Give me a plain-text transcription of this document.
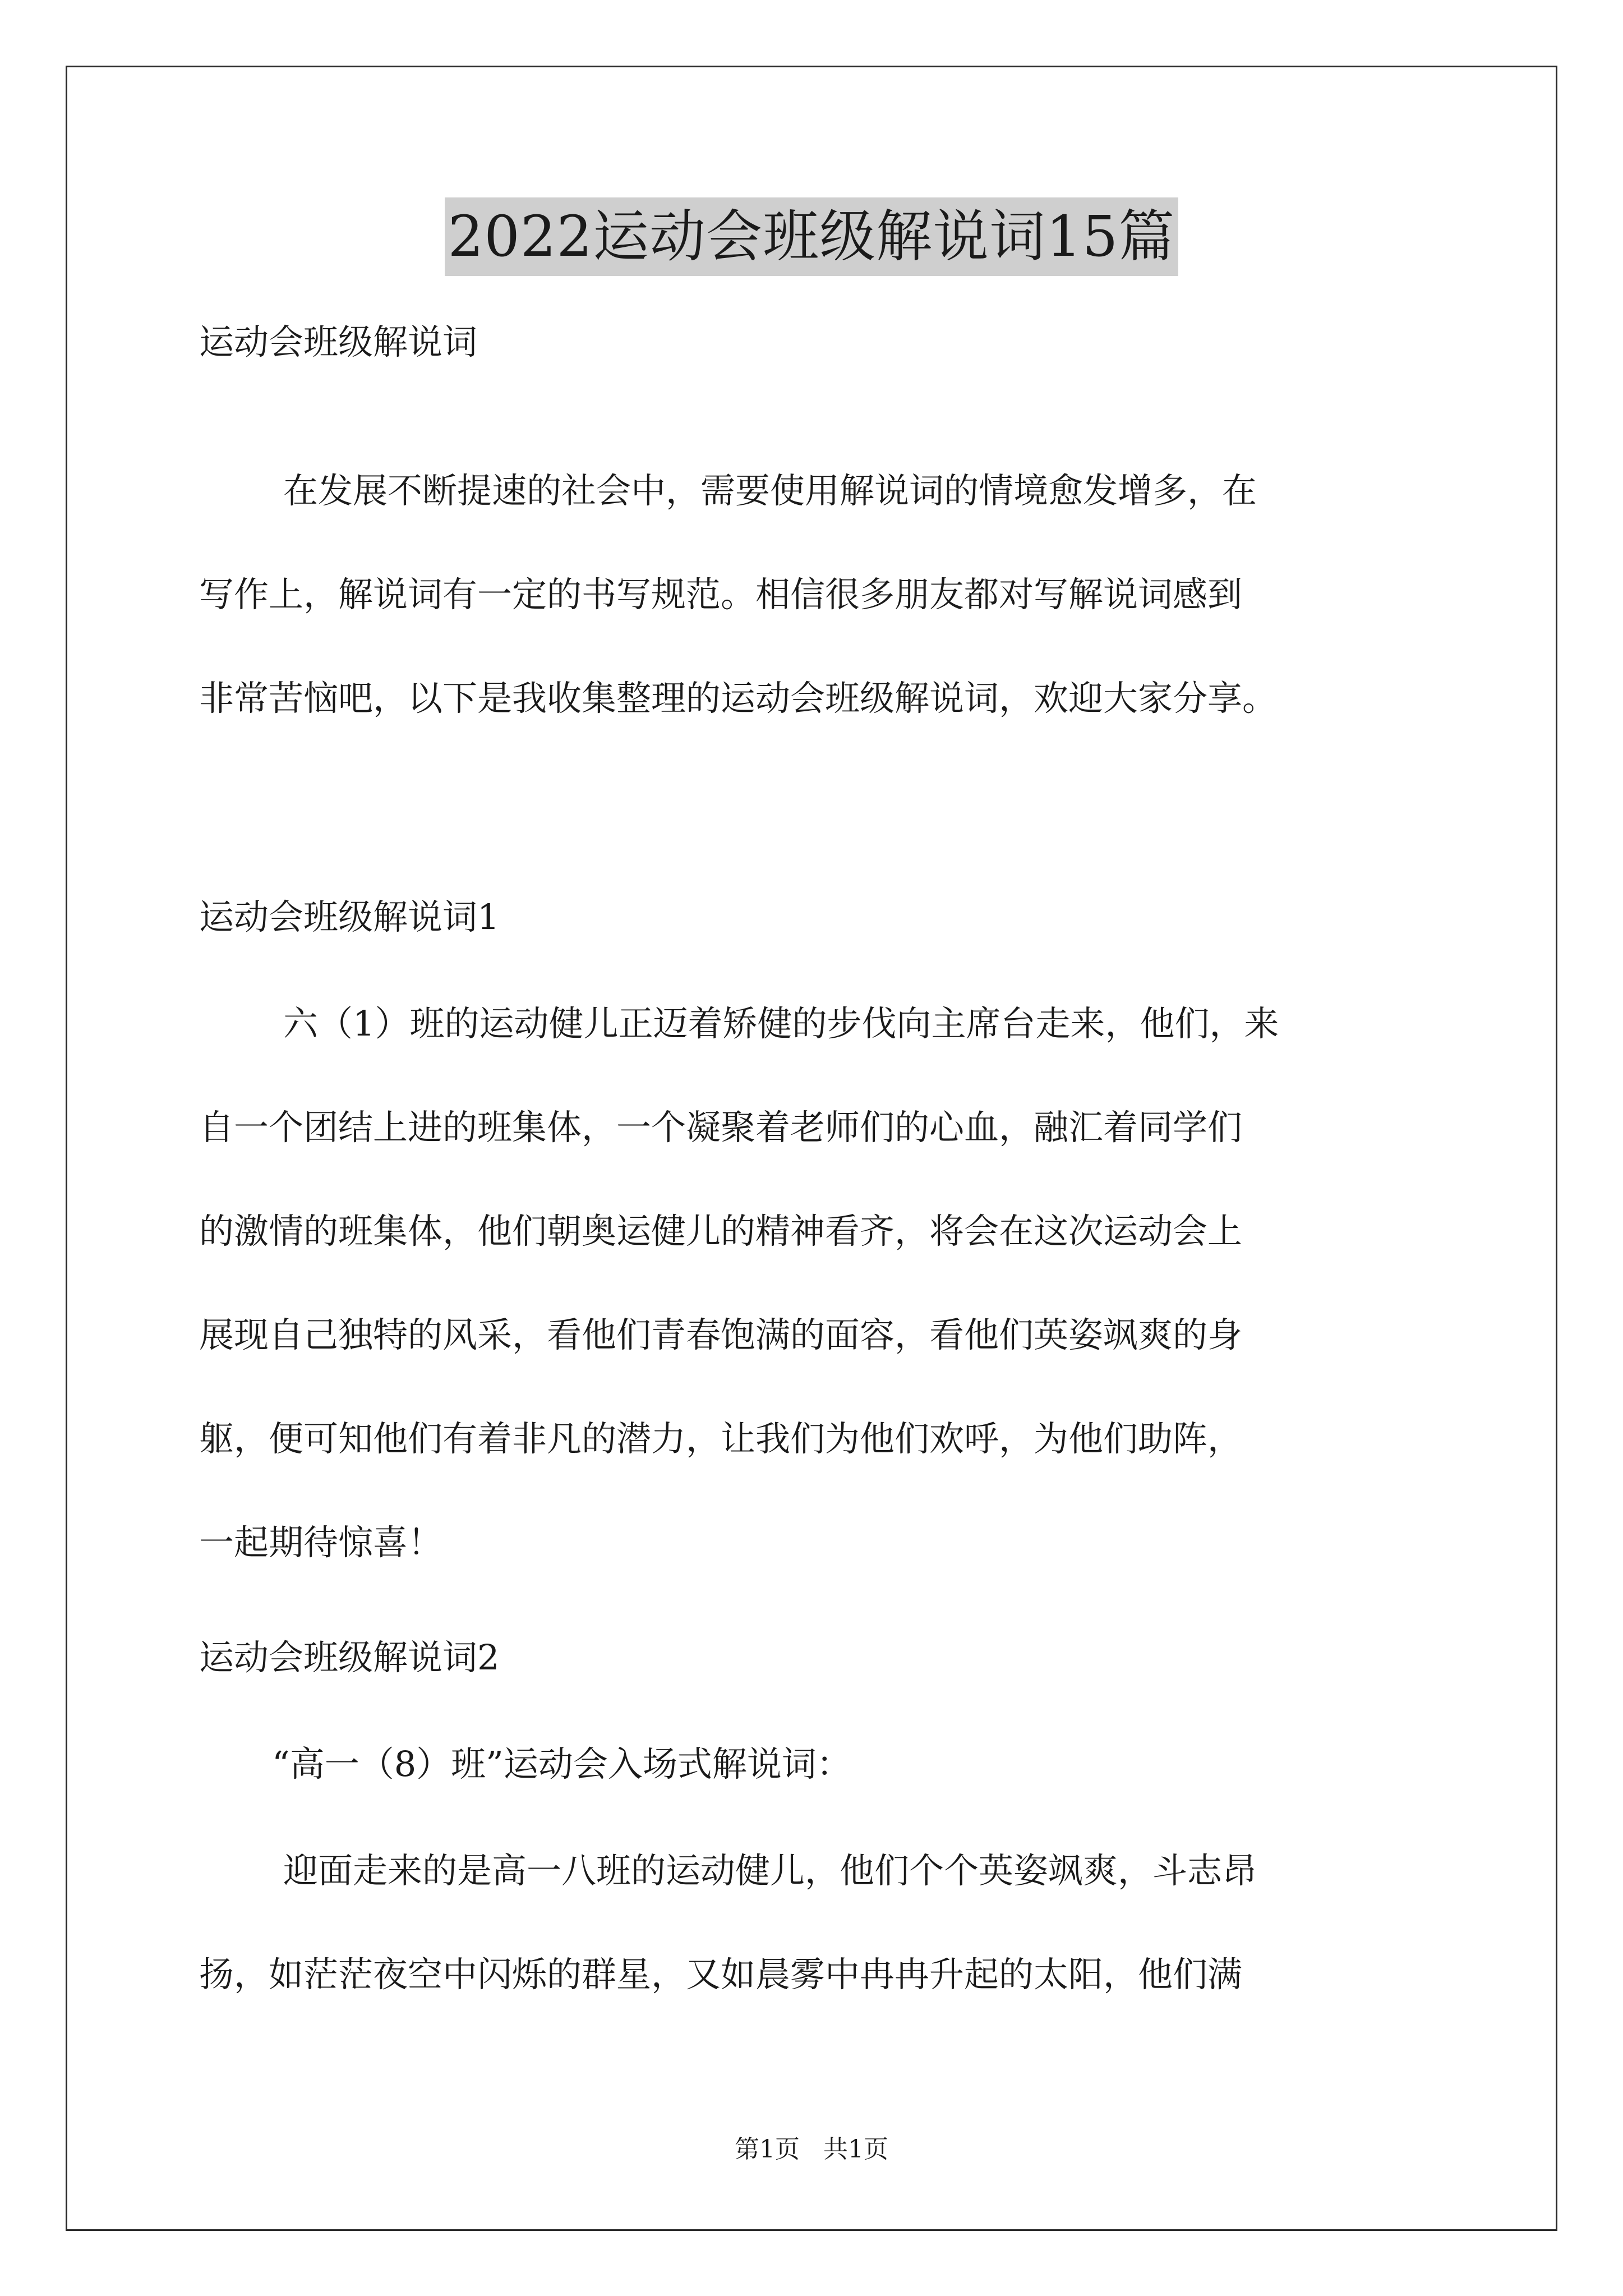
2022运动会班级解说词15篇
运动会班级解说词
在发展不断提速的社会中，需要使用解说词的情境愈发增多，在
写作上，解说词有一定的书写规范。相信很多朋友都对写解说词感到
非常苦恼吧，以下是我收集整理的运动会班级解说词，欢迎大家分享。
运动会班级解说词1
六（1）班的运动健儿正迈着矫健的步伐向主席台走来，他们，来
自一个团结上进的班集体，一个凝聚着老师们的心血，融汇着同学们
的激情的班集体，他们朝奥运健儿的精神看齐，将会在这次运动会上
展现自己独特的风采，看他们青春饱满的面容，看他们英姿飒爽的身
躯，便可知他们有着非凡的潜力，让我们为他们欢呼，为他们助阵，
一起期待惊喜！
运动会班级解说词2
“高一（8）班”运动会入场式解说词：
迎面走来的是高一八班的运动健儿，他们个个英姿飒爽，斗志昂
扬，如茫茫夜空中闪烁的群星，又如晨雾中冉冉升起的太阳，他们满
第1页   共1页
